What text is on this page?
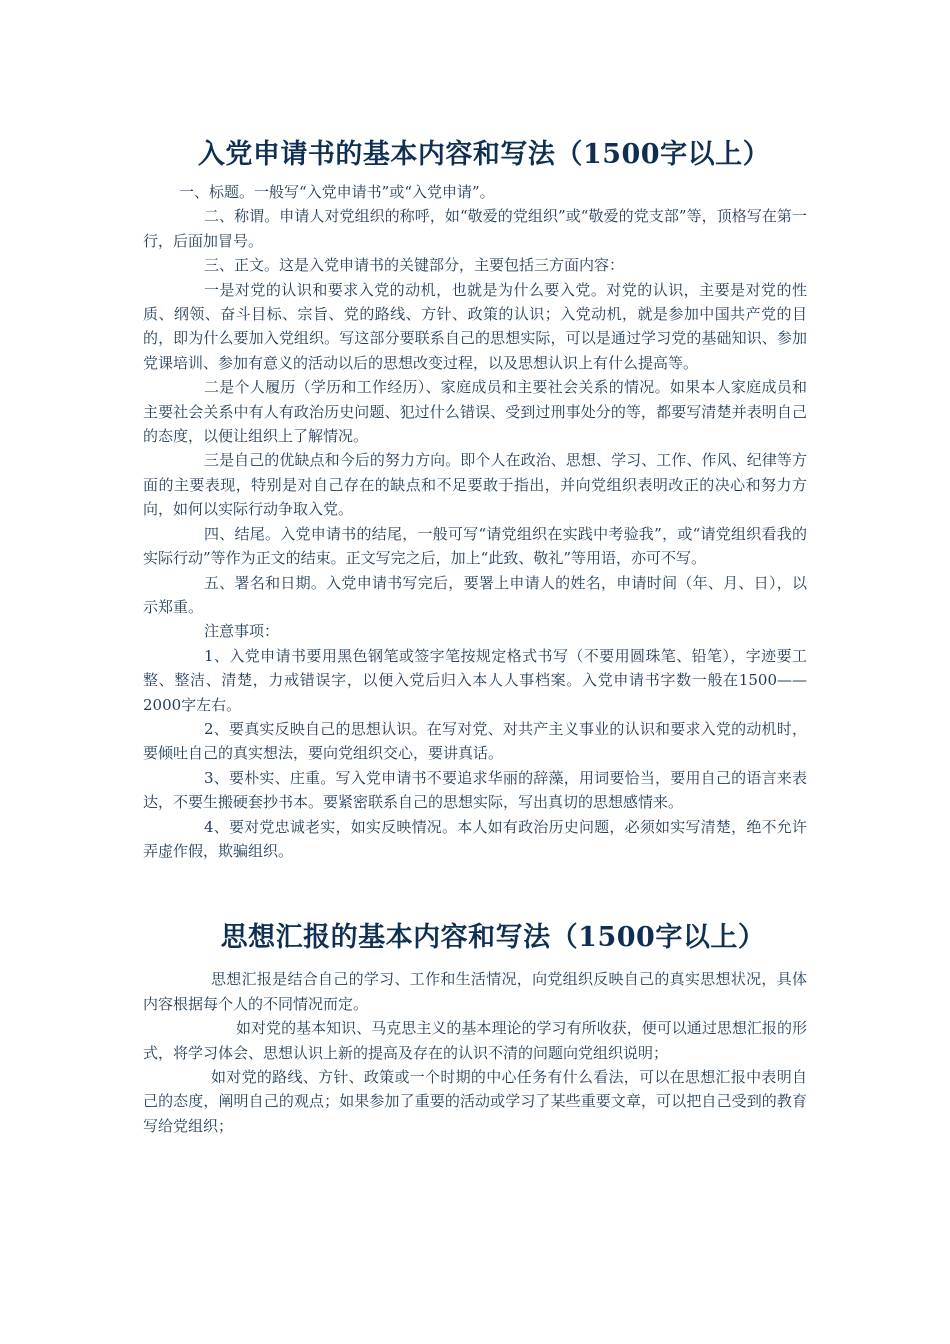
入党申请书的基本内容和写法（1500字以上）

一、标题。一般写“入党申请书”或“入党申请”。

二、称谓。申请人对党组织的称呼，如“敬爱的党组织”或“敬爱的党支部”等，顶格写在第一行，后面加冒号。

三、正文。这是入党申请书的关键部分，主要包括三方面内容：

一是对党的认识和要求入党的动机，也就是为什么要入党。对党的认识，主要是对党的性质、纲领、奋斗目标、宗旨、党的路线、方针、政策的认识；入党动机，就是参加中国共产党的目的，即为什么要加入党组织。写这部分要联系自己的思想实际，可以是通过学习党的基础知识、参加党课培训、参加有意义的活动以后的思想改变过程，以及思想认识上有什么提高等。

二是个人履历（学历和工作经历）、家庭成员和主要社会关系的情况。如果本人家庭成员和主要社会关系中有人有政治历史问题、犯过什么错误、受到过刑事处分的等，都要写清楚并表明自己的态度，以便让组织上了解情况。

三是自己的优缺点和今后的努力方向。即个人在政治、思想、学习、工作、作风、纪律等方面的主要表现，特别是对自己存在的缺点和不足要敢于指出，并向党组织表明改正的决心和努力方向，如何以实际行动争取入党。

四、结尾。入党申请书的结尾，一般可写“请党组织在实践中考验我”，或“请党组织看我的实际行动”等作为正文的结束。正文写完之后，加上“此致、敬礼”等用语，亦可不写。

五、署名和日期。入党申请书写完后，要署上申请人的姓名，申请时间（年、月、日），以示郑重。

注意事项：

1、入党申请书要用黑色钢笔或签字笔按规定格式书写（不要用圆珠笔、铅笔），字迹要工整、整洁、清楚，力戒错误字，以便入党后归入本人人事档案。入党申请书字数一般在1500——2000字左右。

2、要真实反映自己的思想认识。在写对党、对共产主义事业的认识和要求入党的动机时，要倾吐自己的真实想法，要向党组织交心，要讲真话。

3、要朴实、庄重。写入党申请书不要追求华丽的辞藻，用词要恰当，要用自己的语言来表达，不要生搬硬套抄书本。要紧密联系自己的思想实际，写出真切的思想感情来。

4、要对党忠诚老实，如实反映情况。本人如有政治历史问题，必须如实写清楚，绝不允许弄虚作假，欺骗组织。

思想汇报的基本内容和写法（1500字以上）

思想汇报是结合自己的学习、工作和生活情况，向党组织反映自己的真实思想状况，具体内容根据每个人的不同情况而定。

如对党的基本知识、马克思主义的基本理论的学习有所收获，便可以通过思想汇报的形式，将学习体会、思想认识上新的提高及存在的认识不清的问题向党组织说明；

如对党的路线、方针、政策或一个时期的中心任务有什么看法，可以在思想汇报中表明自己的态度，阐明自己的观点；如果参加了重要的活动或学习了某些重要文章，可以把自己受到的教育写给党组织；
